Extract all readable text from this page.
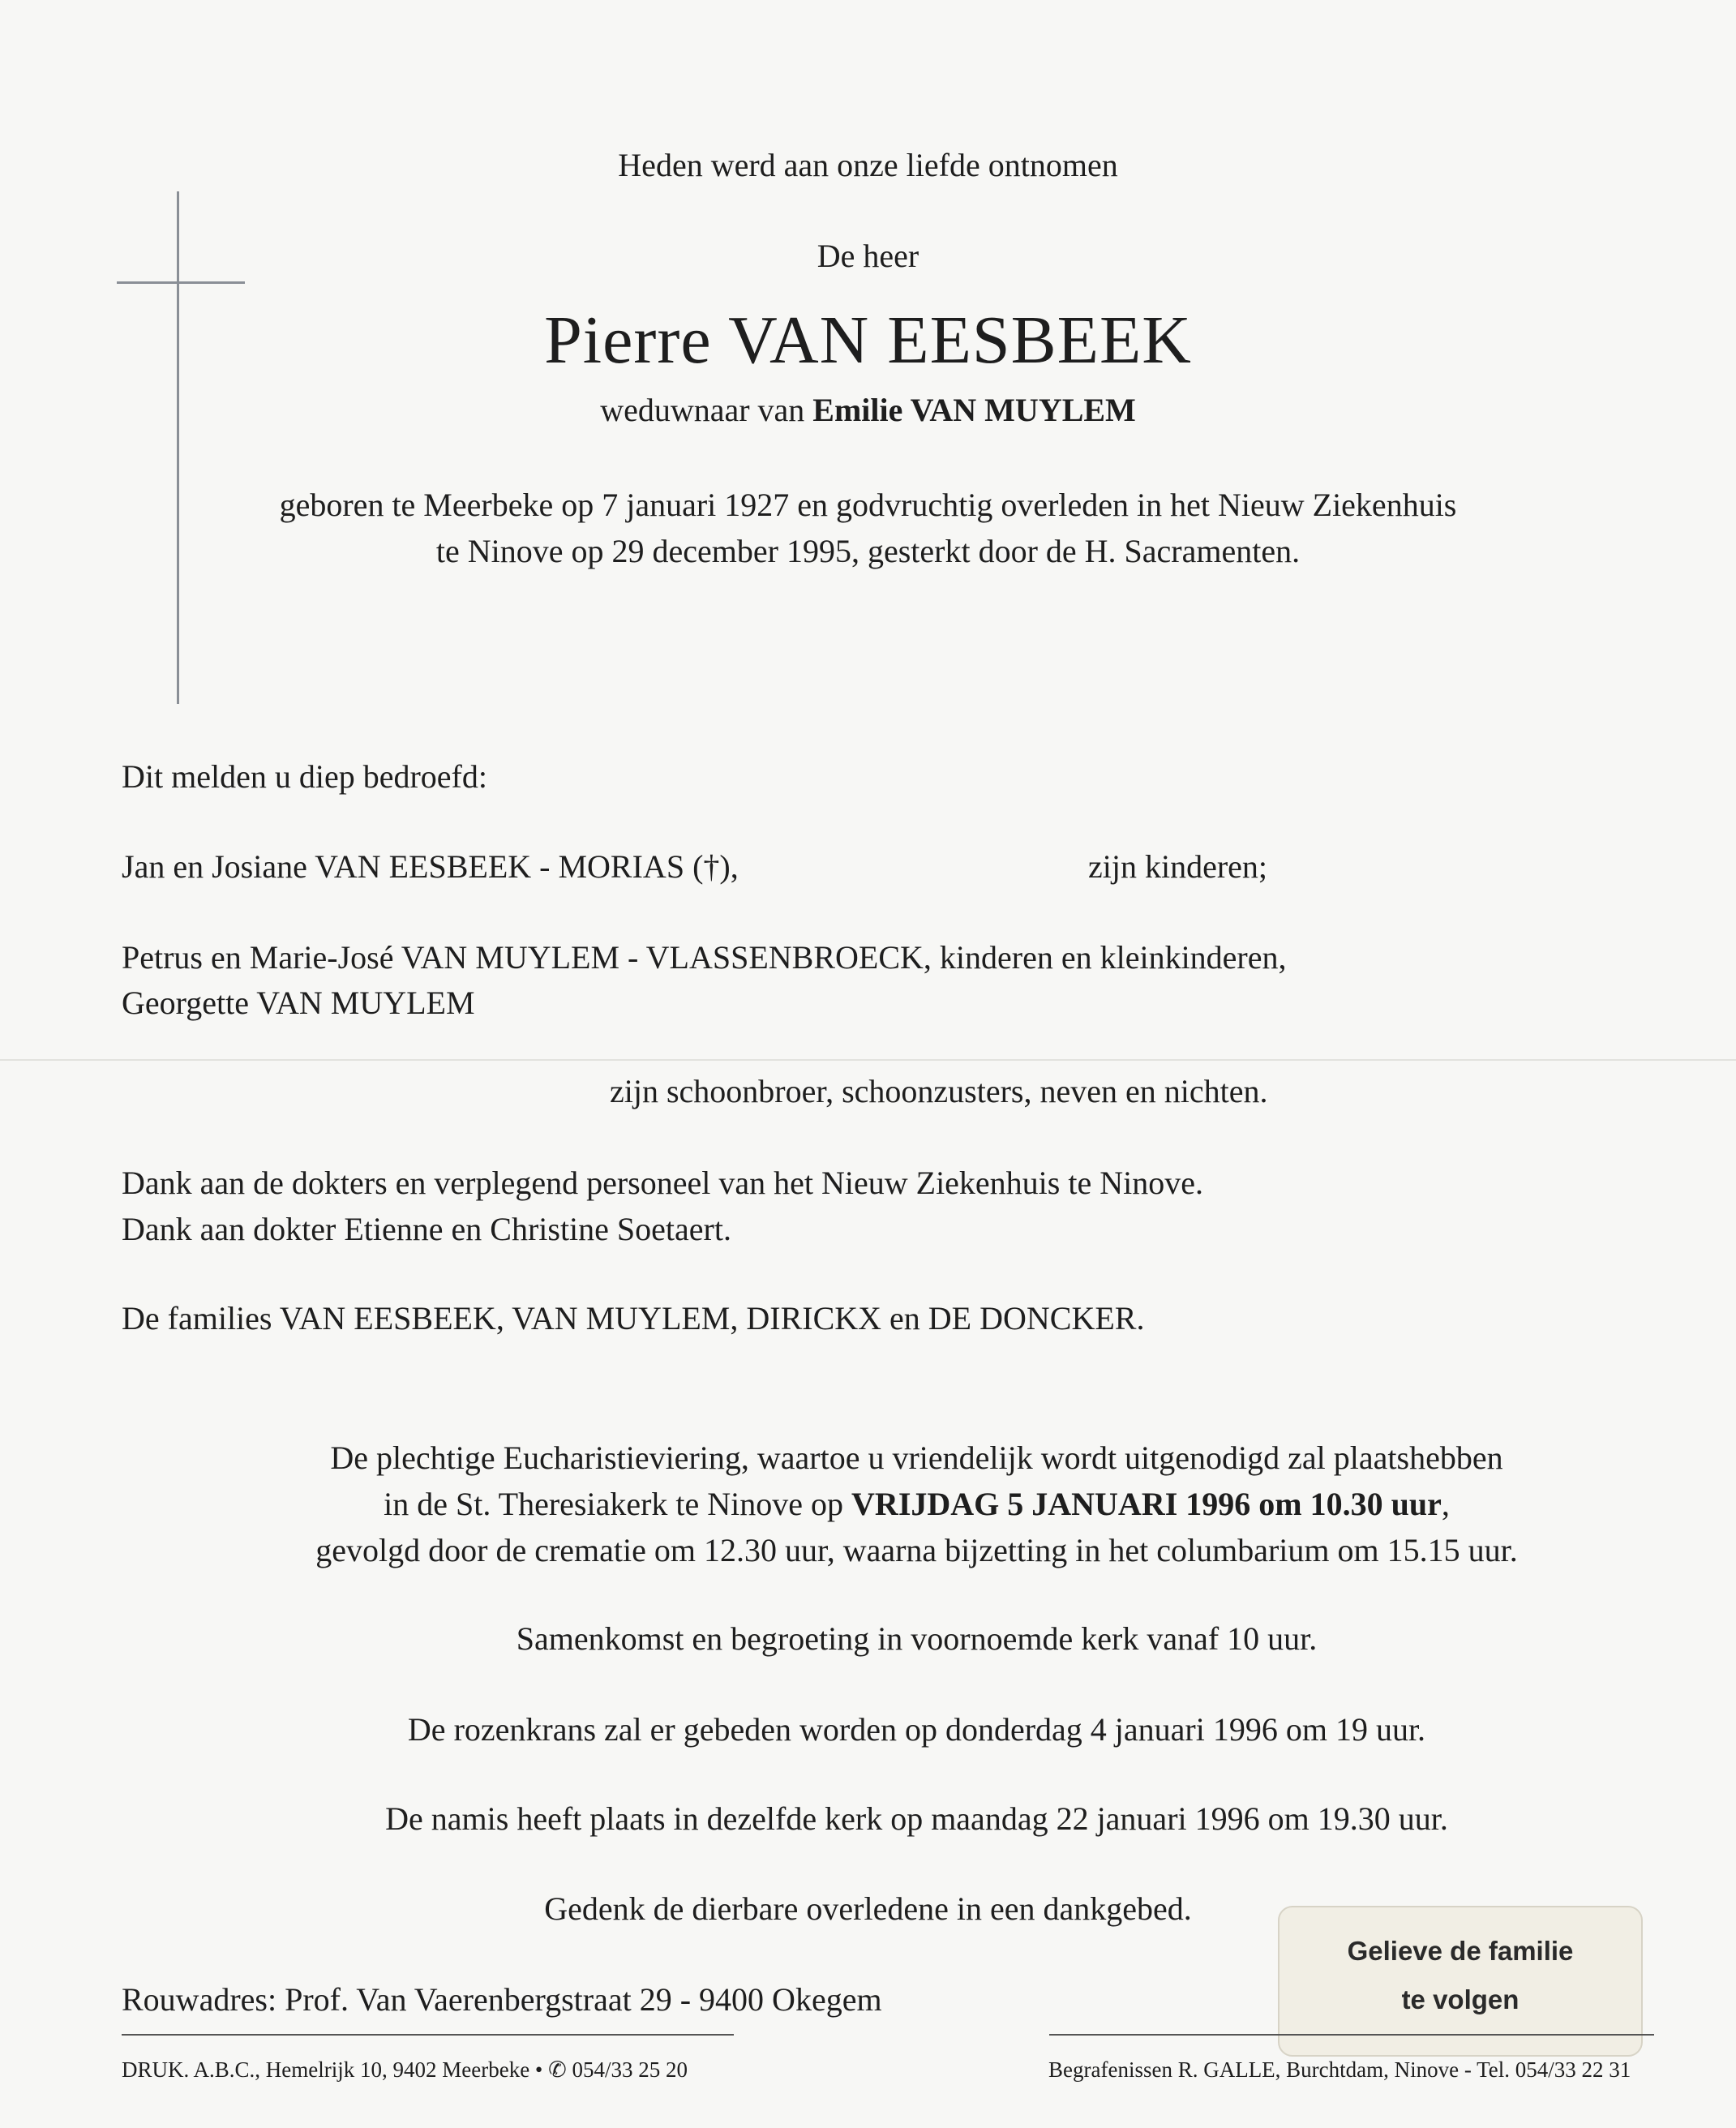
Heden werd aan onze liefde ontnomen
De heer
Pierre VAN EESBEEK
weduwnaar van Emilie VAN MUYLEM
geboren te Meerbeke op 7 januari 1927 en godvruchtig overleden in het Nieuw Ziekenhuis
te Ninove op 29 december 1995, gesterkt door de H. Sacramenten.
Dit melden u diep bedroefd:
Jan en Josiane VAN EESBEEK - MORIAS (†),	zijn kinderen;
Petrus en Marie-José VAN MUYLEM - VLASSENBROECK, kinderen en kleinkinderen,
Georgette VAN MUYLEM
zijn schoonbroer, schoonzusters, neven en nichten.
Dank aan de dokters en verplegend personeel van het Nieuw Ziekenhuis te Ninove.
Dank aan dokter Etienne en Christine Soetaert.
De families VAN EESBEEK, VAN MUYLEM, DIRICKX en DE DONCKER.
De plechtige Eucharistieviering, waartoe u vriendelijk wordt uitgenodigd zal plaatshebben
in de St. Theresiakerk te Ninove op VRIJDAG 5 JANUARI 1996 om 10.30 uur,
gevolgd door de crematie om 12.30 uur, waarna bijzetting in het columbarium om 15.15 uur.
Samenkomst en begroeting in voornoemde kerk vanaf 10 uur.
De rozenkrans zal er gebeden worden op donderdag 4 januari 1996 om 19 uur.
De namis heeft plaats in dezelfde kerk op maandag 22 januari 1996 om 19.30 uur.
Gedenk de dierbare overledene in een dankgebed.
Rouwadres: Prof. Van Vaerenbergstraat 29 - 9400 Okegem
Gelieve de familie
te volgen
DRUK. A.B.C., Hemelrijk 10, 9402 Meerbeke • ✆ 054/33 25 20	Begrafenissen R. GALLE, Burchtdam, Ninove - Tel. 054/33 22 31
